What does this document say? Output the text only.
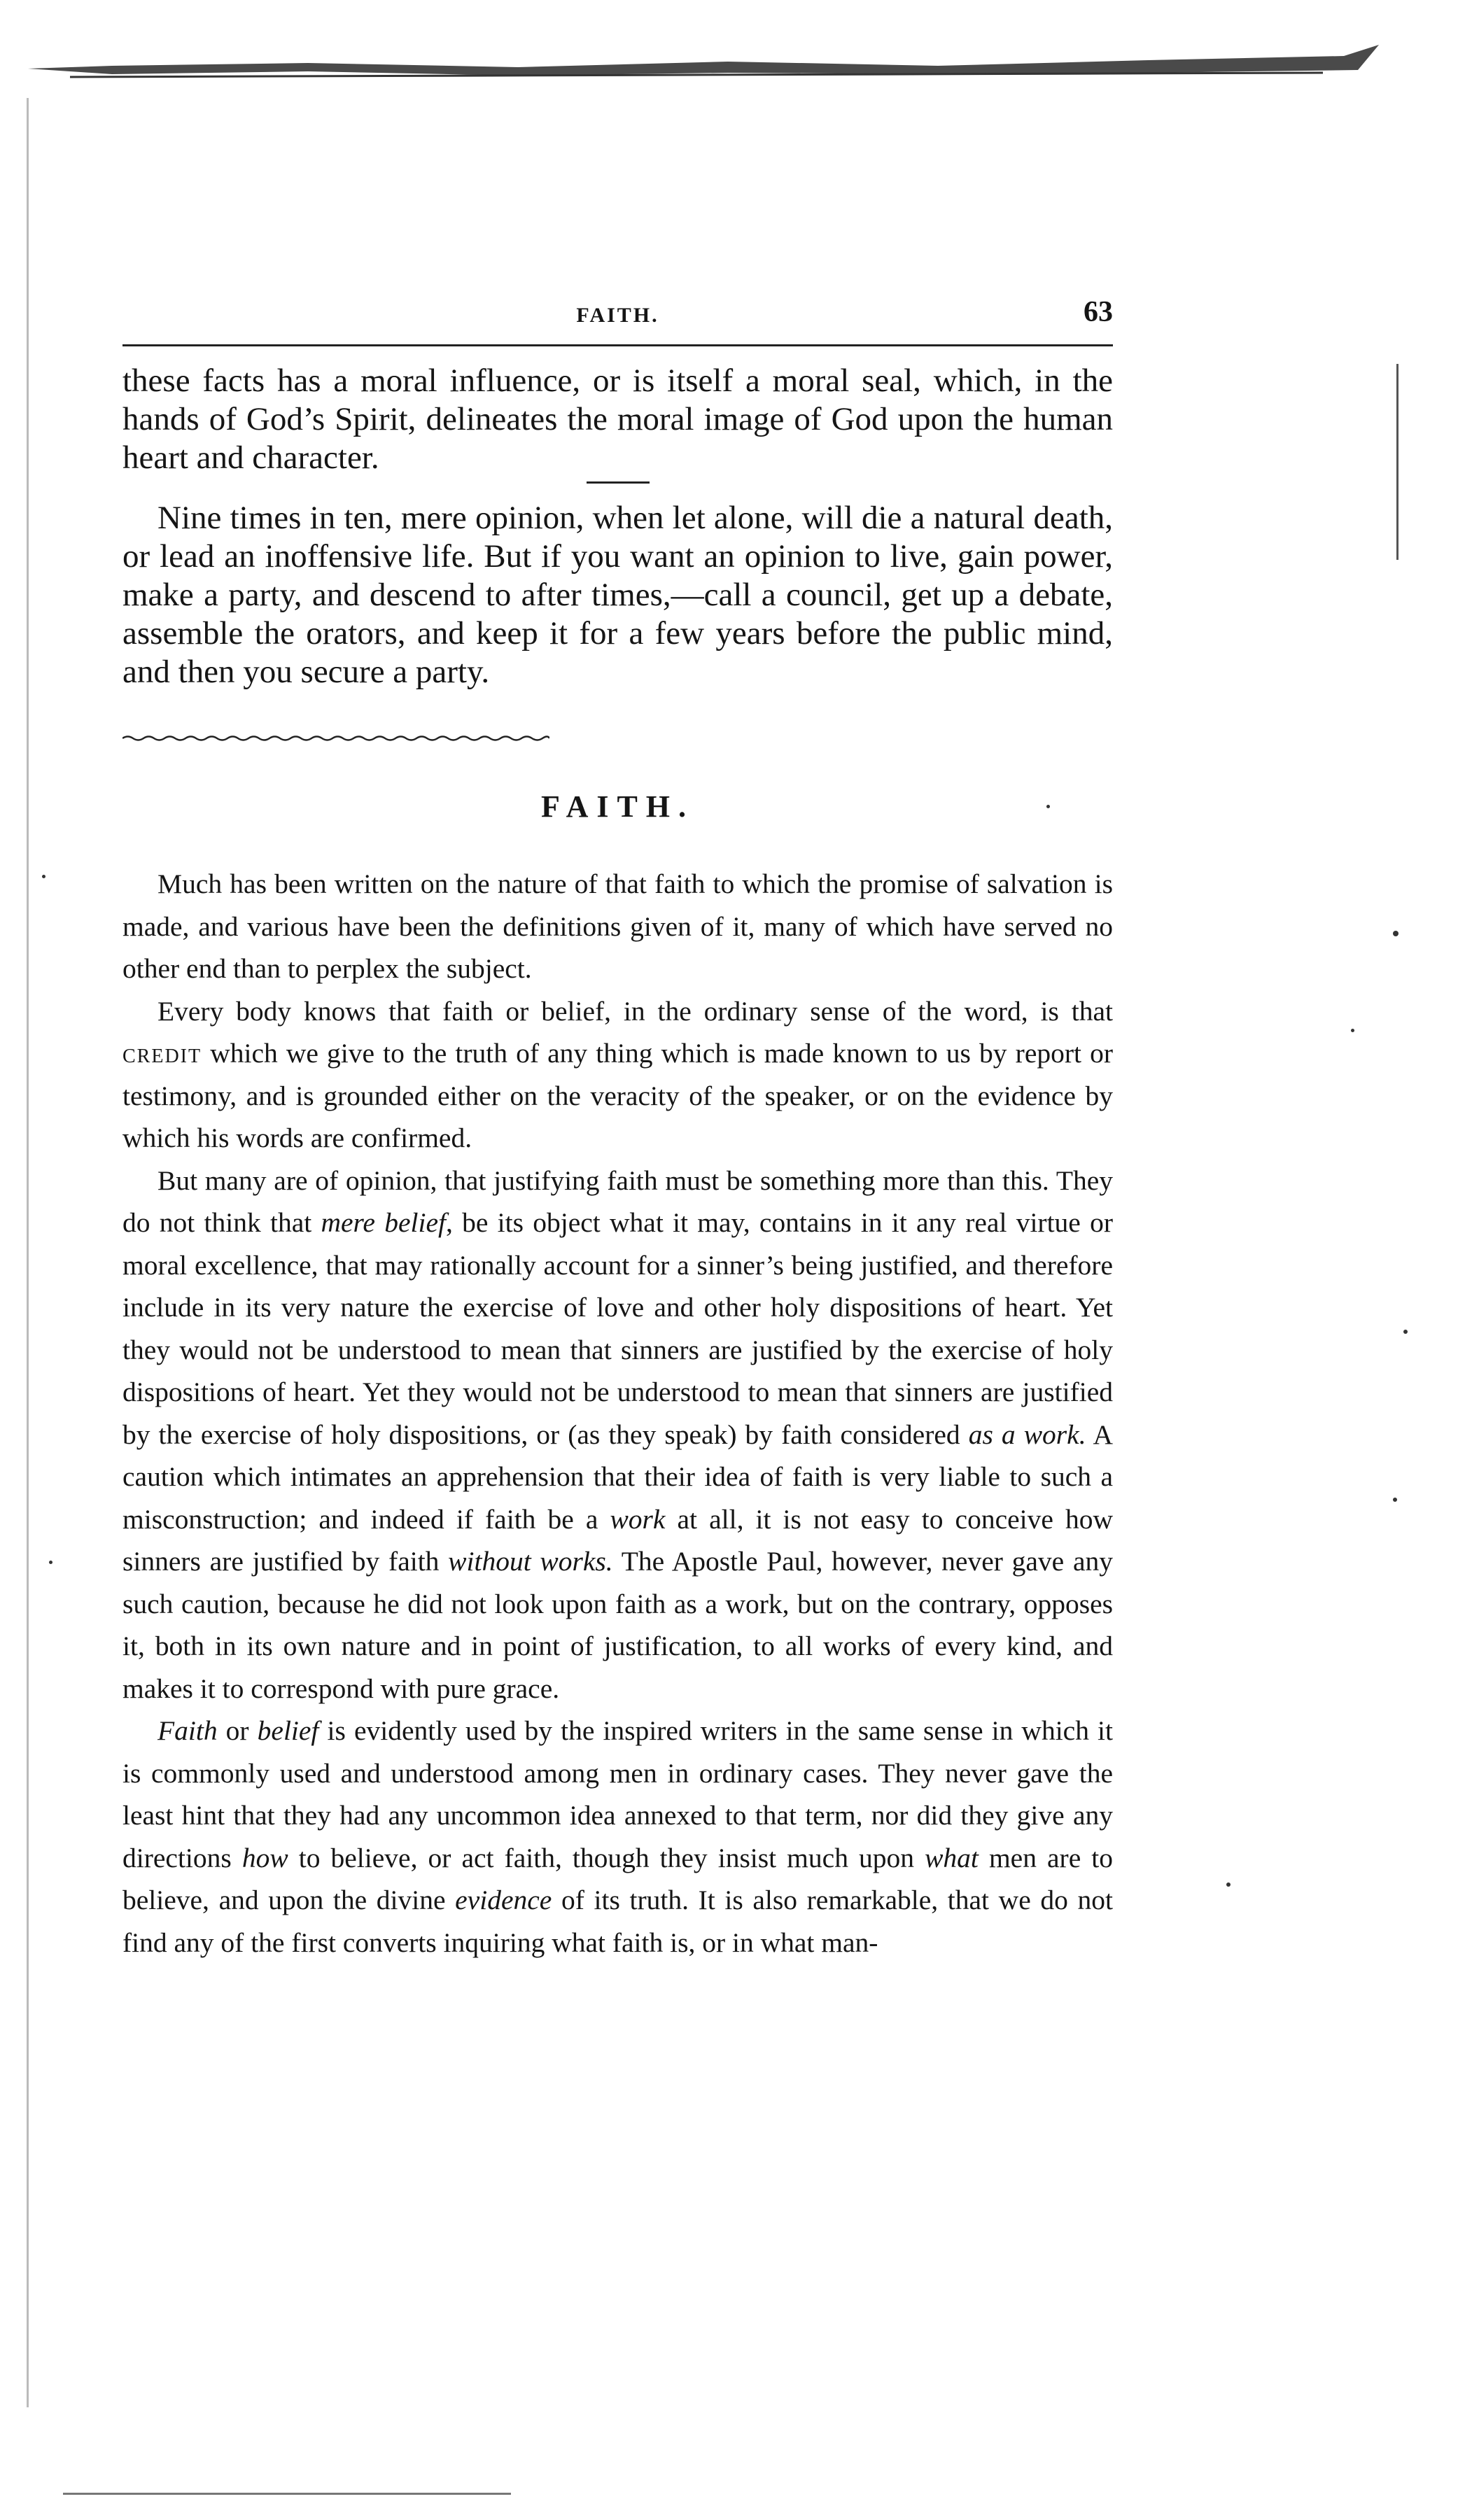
FAITH.	63

these facts has a moral influence, or is itself a moral seal, which, in the hands of God’s Spirit, delineates the moral image of God upon the human heart and character.

Nine times in ten, mere opinion, when let alone, will die a natural death, or lead an inoffensive life. But if you want an opinion to live, gain power, make a party, and descend to after times,—call a council, get up a debate, assemble the orators, and keep it for a few years before the public mind, and then you secure a party.

FAITH.

Much has been written on the nature of that faith to which the promise of salvation is made, and various have been the definitions given of it, many of which have served no other end than to perplex the subject.

Every body knows that faith or belief, in the ordinary sense of the word, is that credit which we give to the truth of any thing which is made known to us by report or testimony, and is grounded either on the veracity of the speaker, or on the evidence by which his words are confirmed.

But many are of opinion, that justifying faith must be something more than this. They do not think that mere belief, be its object what it may, contains in it any real virtue or moral excellence, that may rationally account for a sinner’s being justified, and therefore include in its very nature the exercise of love and other holy dispositions of heart. Yet they would not be understood to mean that sinners are justified by the exercise of holy dispositions of heart. Yet they would not be understood to mean that sinners are justified by the exercise of holy dispositions, or (as they speak) by faith considered as a work. A caution which intimates an apprehension that their idea of faith is very liable to such a misconstruction; and indeed if faith be a work at all, it is not easy to conceive how sinners are justified by faith without works. The Apostle Paul, however, never gave any such caution, because he did not look upon faith as a work, but on the contrary, opposes it, both in its own nature and in point of justification, to all works of every kind, and makes it to correspond with pure grace.

Faith or belief is evidently used by the inspired writers in the same sense in which it is commonly used and understood among men in ordinary cases. They never gave the least hint that they had any uncommon idea annexed to that term, nor did they give any directions how to believe, or act faith, though they insist much upon what men are to believe, and upon the divine evidence of its truth. It is also remarkable, that we do not find any of the first converts inquiring what faith is, or in what man-
